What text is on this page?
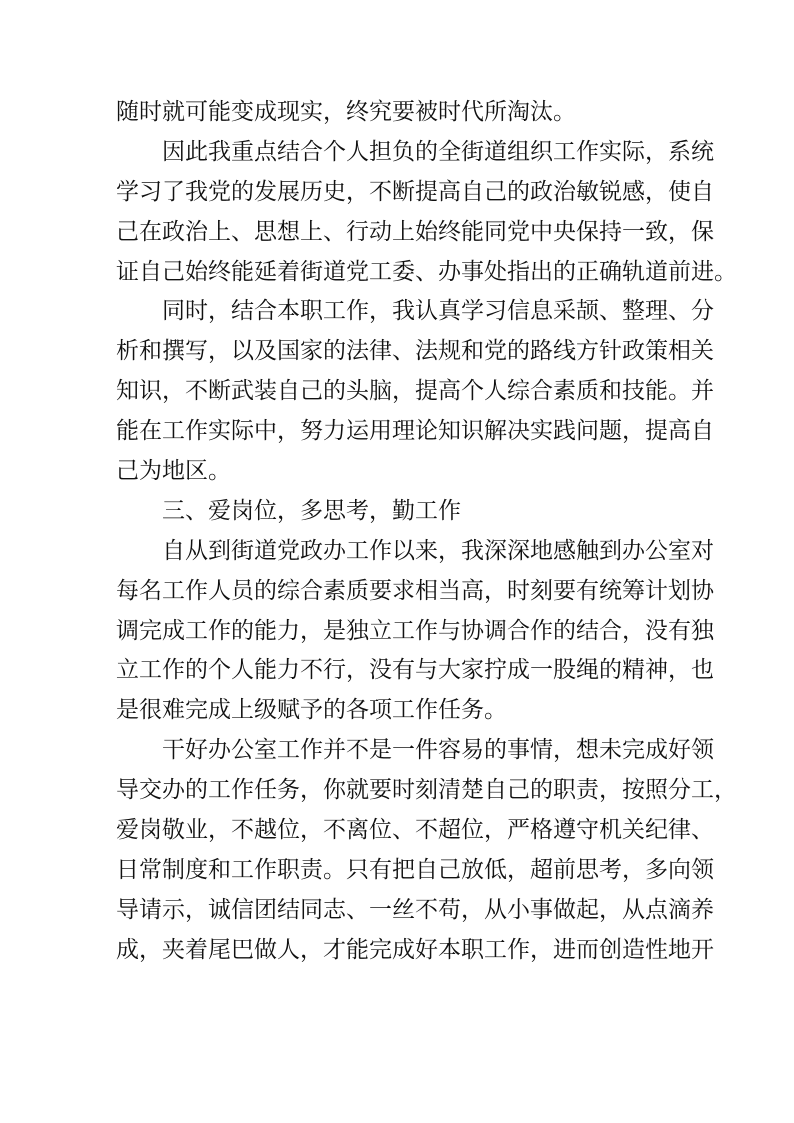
随时就可能变成现实，终究要被时代所淘汰。
因此我重点结合个人担负的全街道组织工作实际，系统
学习了我党的发展历史，不断提高自己的政治敏锐感，使自
己在政治上、思想上、行动上始终能同党中央保持一致，保
证自己始终能延着街道党工委、办事处指出的正确轨道前进。
同时，结合本职工作，我认真学习信息采颉、整理、分
析和撰写，以及国家的法律、法规和党的路线方针政策相关
知识，不断武装自己的头脑，提高个人综合素质和技能。并
能在工作实际中，努力运用理论知识解决实践问题，提高自
己为地区。
三、爱岗位，多思考，勤工作
自从到街道党政办工作以来，我深深地感触到办公室对
每名工作人员的综合素质要求相当高，时刻要有统筹计划协
调完成工作的能力，是独立工作与协调合作的结合，没有独
立工作的个人能力不行，没有与大家拧成一股绳的精神，也
是很难完成上级赋予的各项工作任务。
干好办公室工作并不是一件容易的事情，想未完成好领
导交办的工作任务，你就要时刻清楚自己的职责，按照分工，
爱岗敬业，不越位，不离位、不超位，严格遵守机关纪律、
日常制度和工作职责。只有把自己放低，超前思考，多向领
导请示，诚信团结同志、一丝不苟，从小事做起，从点滴养
成，夹着尾巴做人，才能完成好本职工作，进而创造性地开
